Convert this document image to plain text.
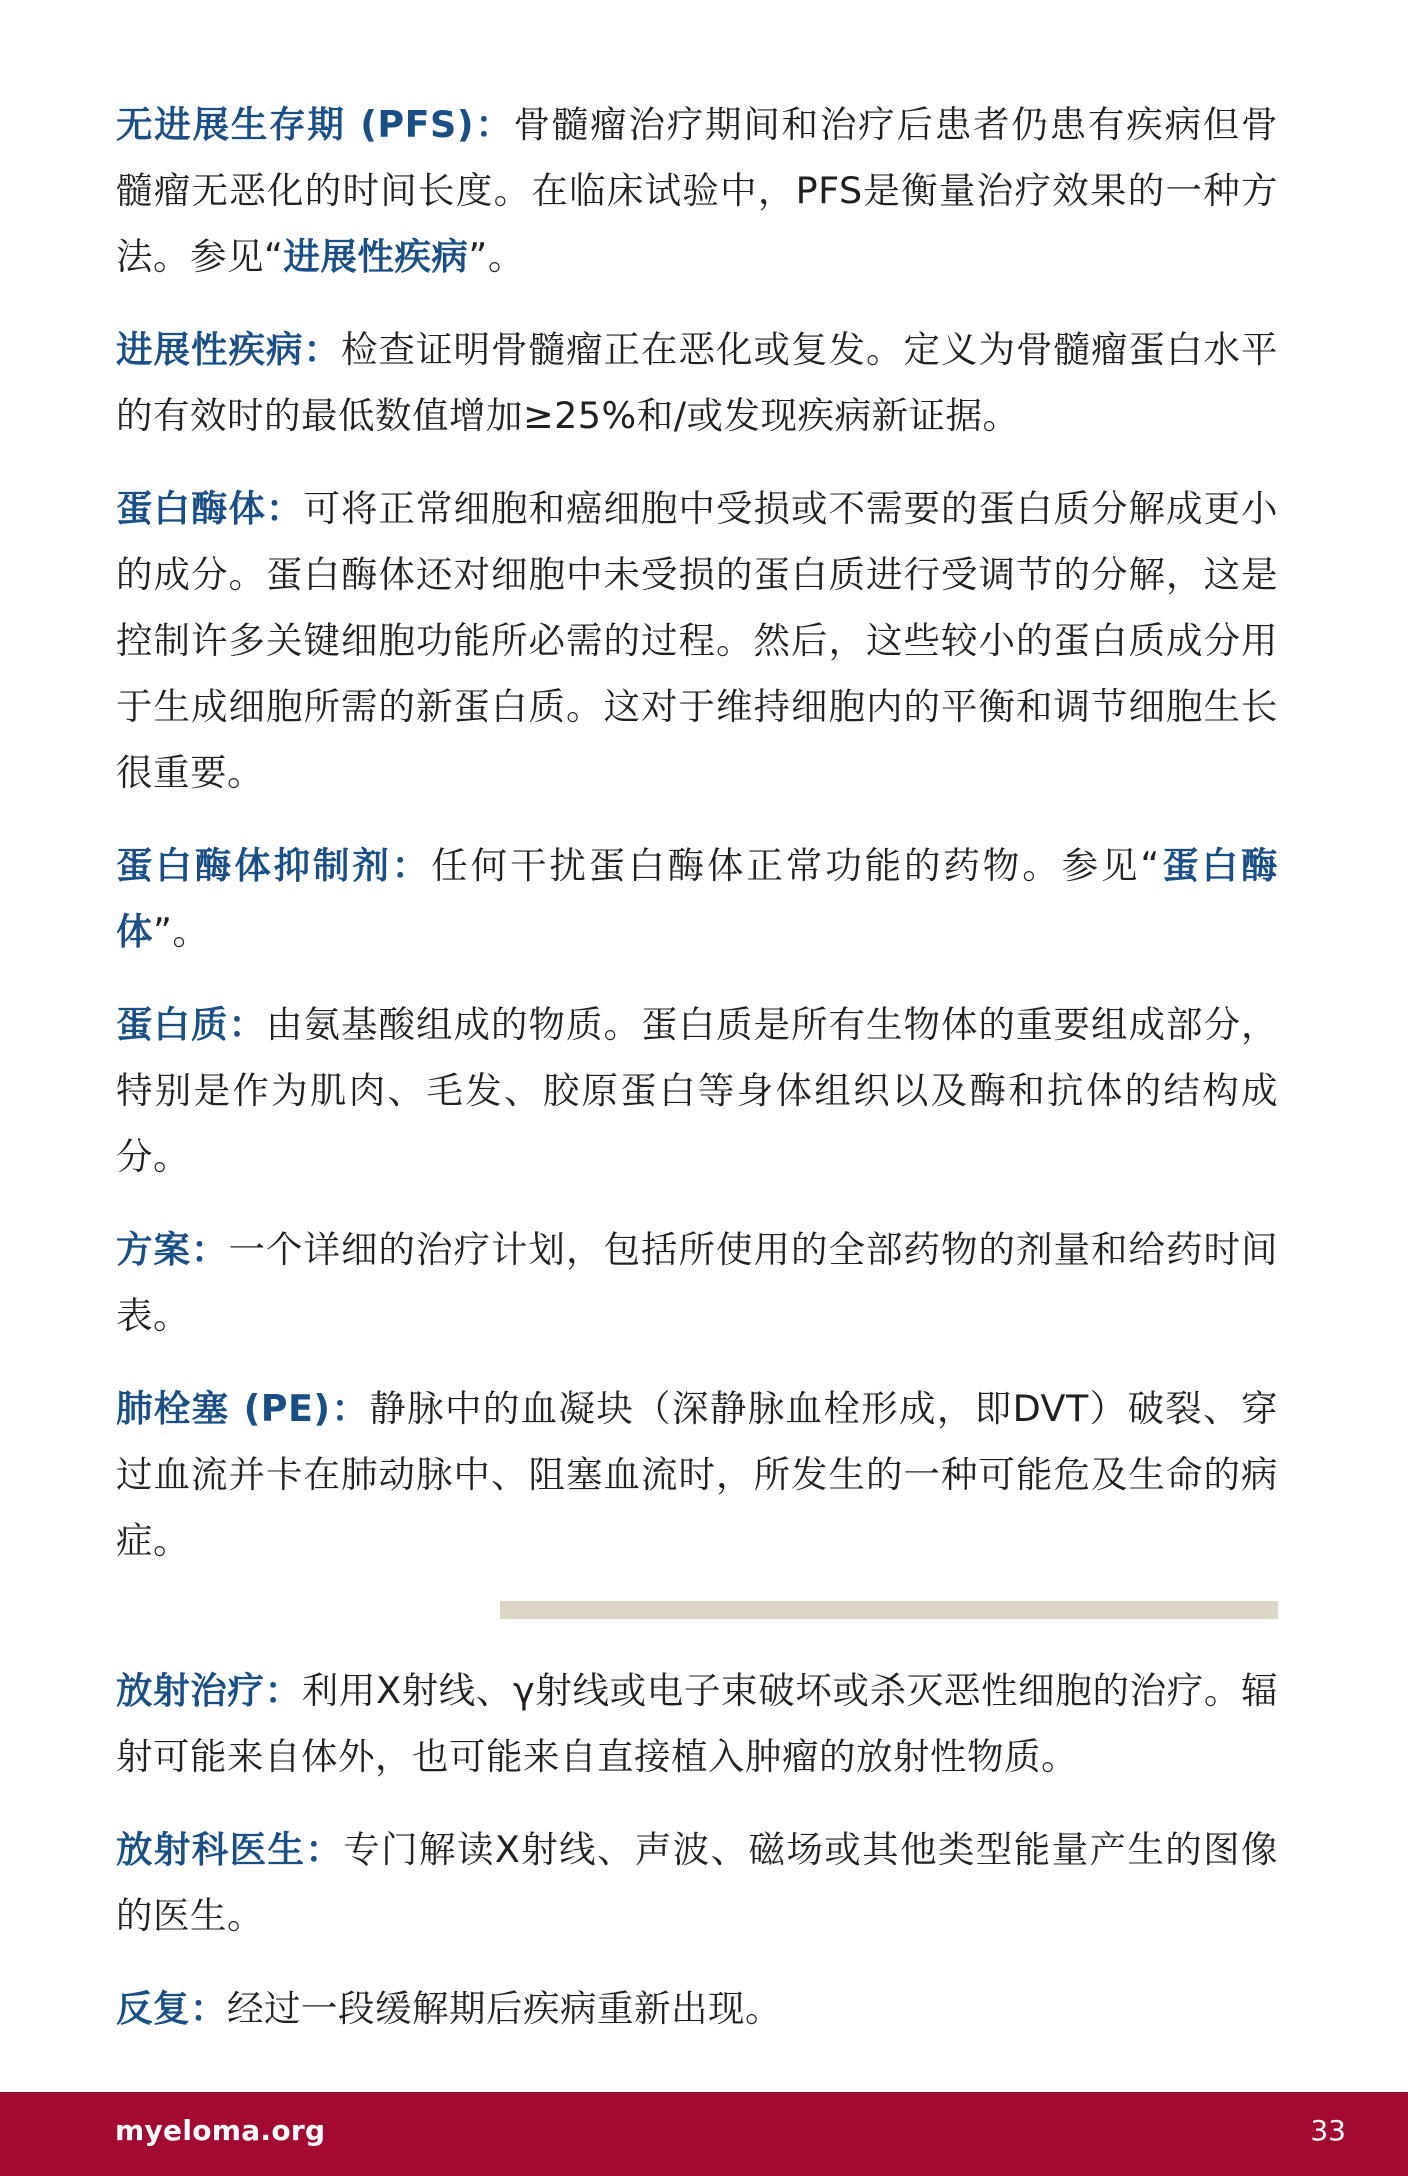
无进展生存期 (PFS)：骨髓瘤治疗期间和治疗后患者仍患有疾病但骨髓瘤无恶化的时间长度。在临床试验中，PFS是衡量治疗效果的一种方法。参见“进展性疾病”。

进展性疾病：检查证明骨髓瘤正在恶化或复发。定义为骨髓瘤蛋白水平的有效时的最低数值增加≥25%和/或发现疾病新证据。

蛋白酶体：可将正常细胞和癌细胞中受损或不需要的蛋白质分解成更小的成分。蛋白酶体还对细胞中未受损的蛋白质进行受调节的分解，这是控制许多关键细胞功能所必需的过程。然后，这些较小的蛋白质成分用于生成细胞所需的新蛋白质。这对于维持细胞内的平衡和调节细胞生长很重要。

蛋白酶体抑制剂：任何干扰蛋白酶体正常功能的药物。参见“蛋白酶体”。

蛋白质：由氨基酸组成的物质。蛋白质是所有生物体的重要组成部分，特别是作为肌肉、毛发、胶原蛋白等身体组织以及酶和抗体的结构成分。

方案：一个详细的治疗计划，包括所使用的全部药物的剂量和给药时间表。

肺栓塞 (PE)：静脉中的血凝块（深静脉血栓形成，即DVT）破裂、穿过血流并卡在肺动脉中、阻塞血流时，所发生的一种可能危及生命的病症。

放射治疗：利用X射线、γ射线或电子束破坏或杀灭恶性细胞的治疗。辐射可能来自体外，也可能来自直接植入肿瘤的放射性物质。

放射科医生：专门解读X射线、声波、磁场或其他类型能量产生的图像的医生。

反复：经过一段缓解期后疾病重新出现。

myeloma.org	33
